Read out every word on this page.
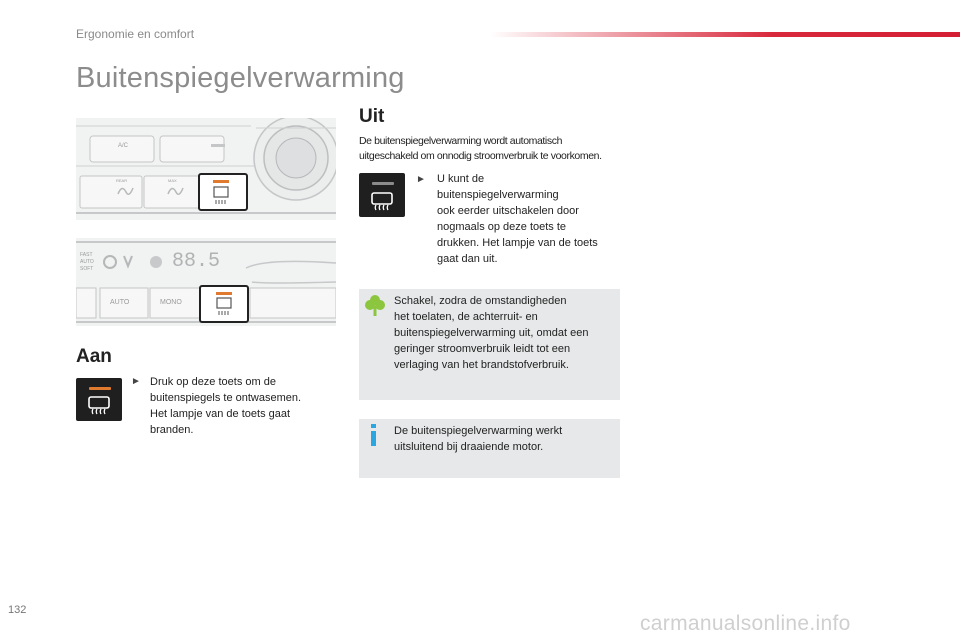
Ergonomie en comfort
Buitenspiegelverwarming
A/C
REAR	MAX
FAST
AUTO
SOFT	88.5
AUTO	MONO
Aan
► Druk op deze toets om de
buitenspiegels te ontwasemen.
Het lampje van de toets gaat
branden.
Uit
De buitenspiegelverwarming wordt automatisch
uitgeschakeld om onnodig stroomverbruik te voorkomen.
► U kunt de
buitenspiegelverwarming
ook eerder uitschakelen door
nogmaals op deze toets te
drukken. Het lampje van de toets
gaat dan uit.
Schakel, zodra de omstandigheden
het toelaten, de achterruit- en
buitenspiegelverwarming uit, omdat een
geringer stroomverbruik leidt tot een
verlaging van het brandstofverbruik.
De buitenspiegelverwarming werkt
uitsluitend bij draaiende motor.
132
carmanualsonline.info
